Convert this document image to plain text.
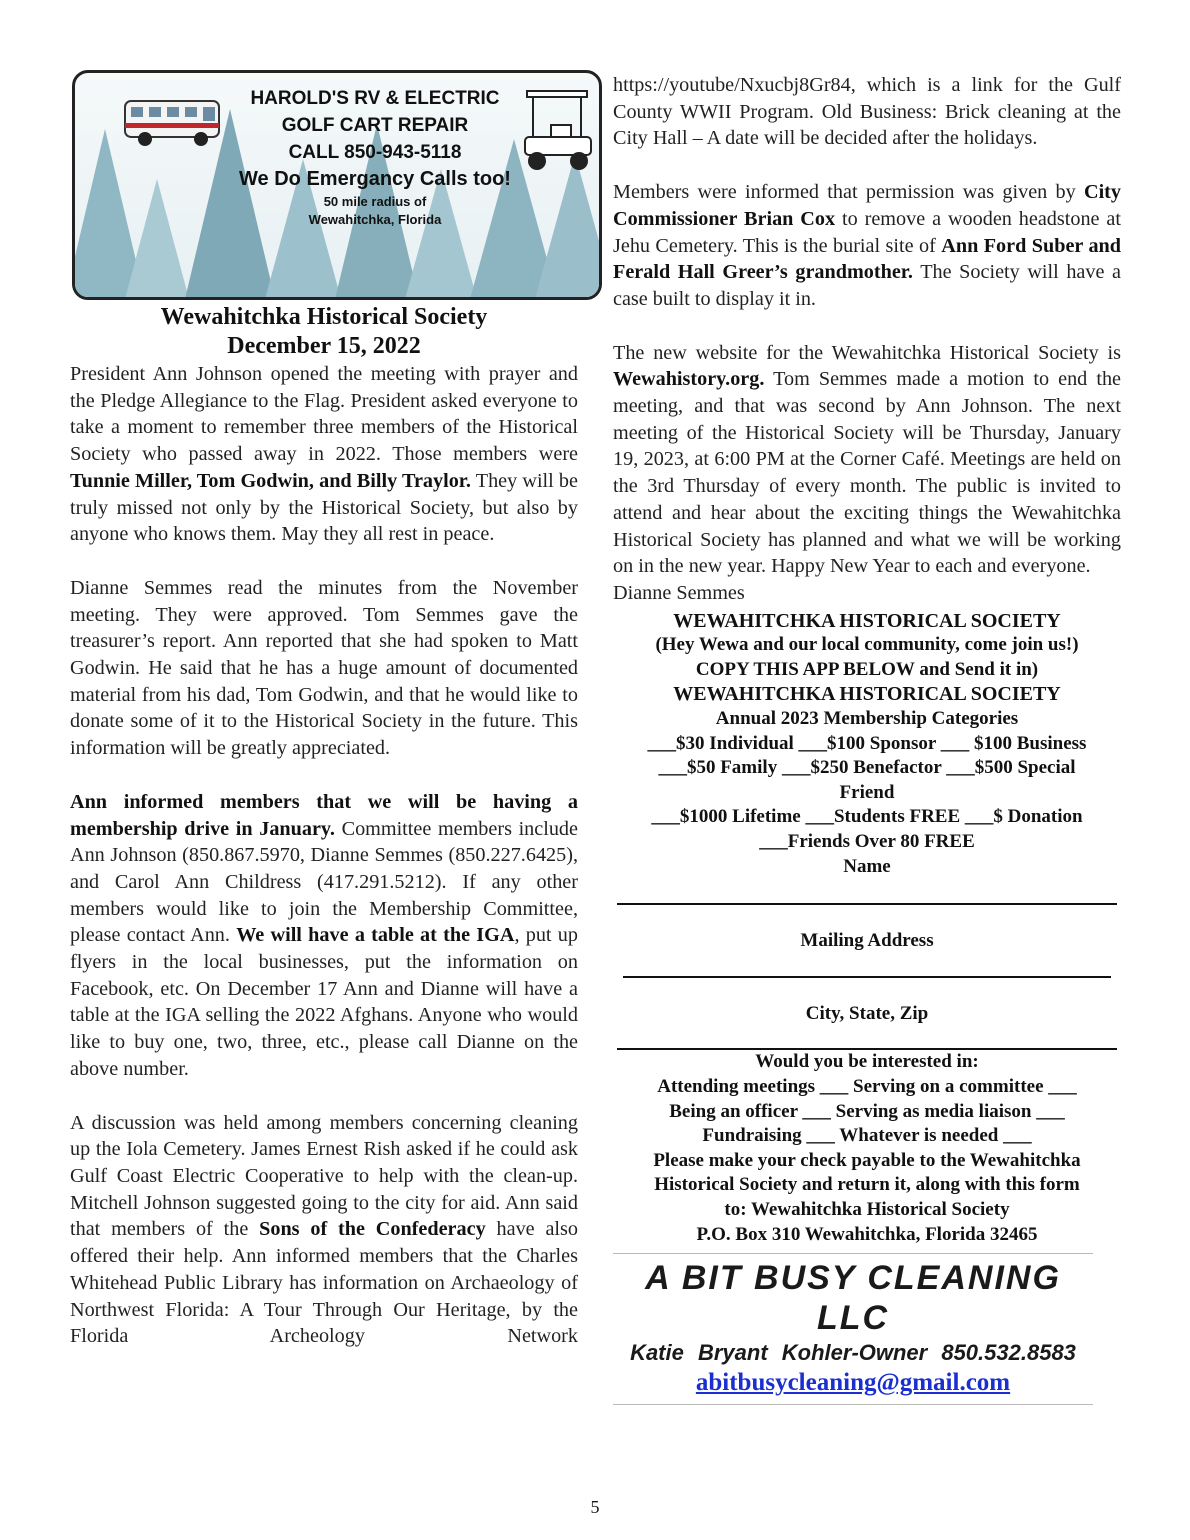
HAROLD'S RV & ELECTRIC
GOLF CART REPAIR
CALL 850-943-5118
We Do Emergancy Calls too!
50 mile radius of
Wewahitchka, Florida
Wewahitchka Historical Society
December 15, 2022

President Ann Johnson opened the meeting with prayer and the Pledge Allegiance to the Flag. President asked everyone to take a moment to remember three members of the Historical Society who passed away in 2022. Those members were Tunnie Miller, Tom Godwin, and Billy Traylor. They will be truly missed not only by the Historical Society, but also by anyone who knows them. May they all rest in peace.

Dianne Semmes read the minutes from the November meeting. They were approved. Tom Semmes gave the treasurer’s report. Ann reported that she had spoken to Matt Godwin. He said that he has a huge amount of documented material from his dad, Tom Godwin, and that he would like to donate some of it to the Historical Society in the future. This information will be greatly appreciated.

Ann informed members that we will be having a membership drive in January. Committee members include Ann Johnson (850.867.5970, Dianne Semmes (850.227.6425), and Carol Ann Childress (417.291.5212). If any other members would like to join the Membership Committee, please contact Ann. We will have a table at the IGA, put up flyers in the local businesses, put the information on Facebook, etc. On December 17 Ann and Dianne will have a table at the IGA selling the 2022 Afghans. Anyone who would like to buy one, two, three, etc., please call Dianne on the above number.

A discussion was held among members concerning cleaning up the Iola Cemetery. James Ernest Rish asked if he could ask Gulf Coast Electric Cooperative to help with the clean-up. Mitchell Johnson suggested going to the city for aid. Ann said that members of the Sons of the Confederacy have also offered their help. Ann informed members that the Charles Whitehead Public Library has information on Archaeology of Northwest Florida: A Tour Through Our Heritage, by the Florida Archeology Network

https://youtube/Nxucbj8Gr84, which is a link for the Gulf County WWII Program. Old Business: Brick cleaning at the City Hall – A date will be decided after the holidays.

Members were informed that permission was given by City Commissioner Brian Cox to remove a wooden headstone at Jehu Cemetery. This is the burial site of Ann Ford Suber and Ferald Hall Greer’s grandmother. The Society will have a case built to display it in.

The new website for the Wewahitchka Historical Society is Wewahistory.org. Tom Semmes made a motion to end the meeting, and that was second by Ann Johnson. The next meeting of the Historical Society will be Thursday, January 19, 2023, at 6:00 PM at the Corner Café. Meetings are held on the 3rd Thursday of every month. The public is invited to attend and hear about the exciting things the Wewahitchka Historical Society has planned and what we will be working on in the new year. Happy New Year to each and everyone.

Dianne Semmes

WEWAHITCHKA HISTORICAL SOCIETY
(Hey Wewa and our local community, come join us!)
COPY THIS APP BELOW and Send it in)
WEWAHITCHKA HISTORICAL SOCIETY
Annual 2023 Membership Categories
___$30 Individual ___$100 Sponsor ___ $100 Business
___$50 Family ___$250 Benefactor ___$500 Special
Friend
___$1000 Lifetime ___Students FREE ___$ Donation
___Friends Over 80 FREE
Name
Mailing Address
City, State, Zip
Would you be interested in:
Attending meetings ___ Serving on a committee ___
Being an officer ___ Serving as media liaison ___
Fundraising ___ Whatever is needed ___
Please make your check payable to the Wewahitchka
Historical Society and return it, along with this form
to: Wewahitchka Historical Society
P.O. Box 310 Wewahitchka, Florida 32465
A BIT BUSY CLEANING LLC
Katie Bryant Kohler-Owner 850.532.8583
abitbusycleaning@gmail.com
5
